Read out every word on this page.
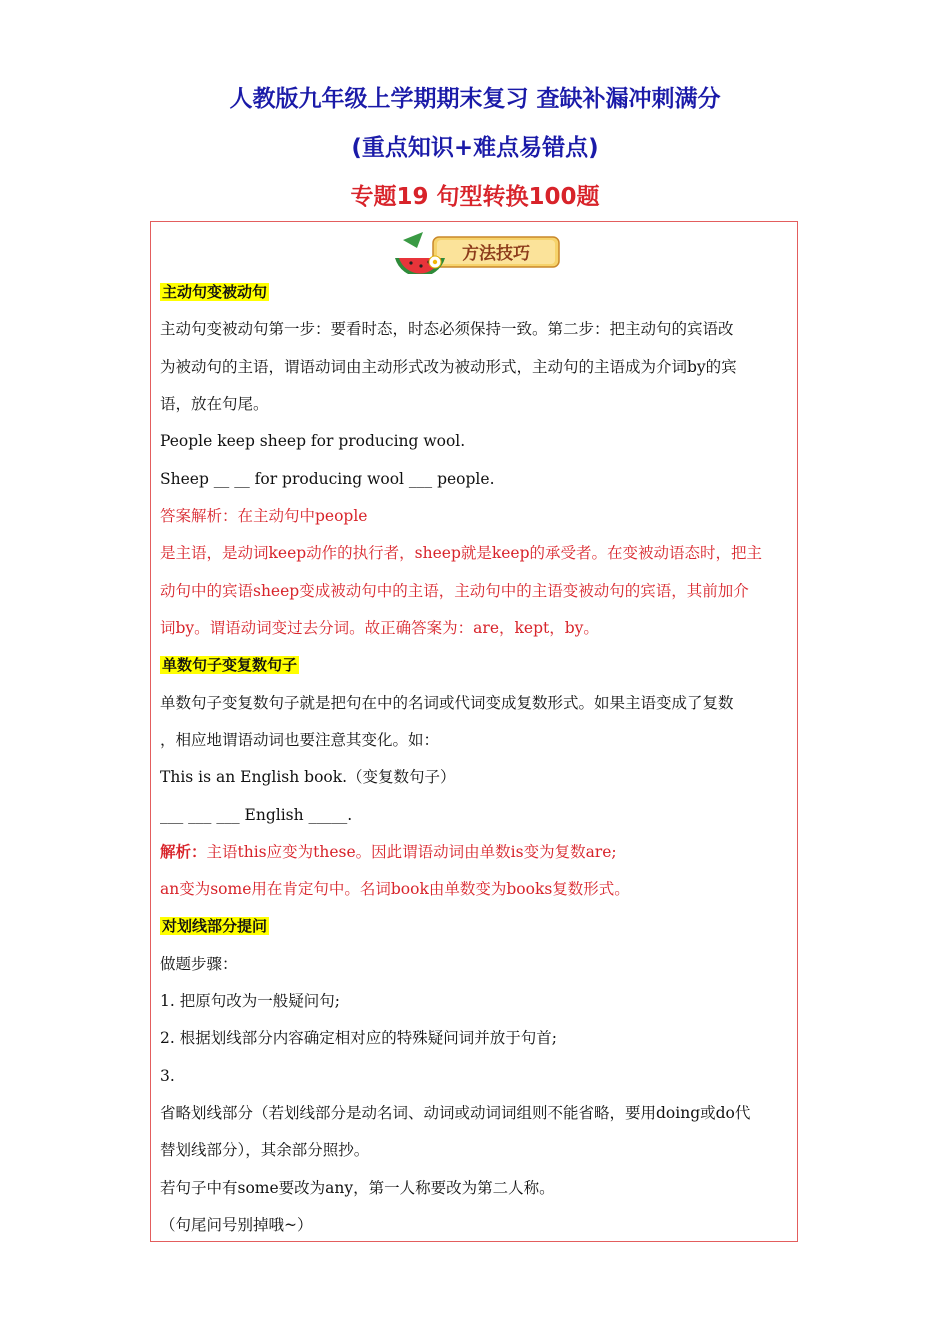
人教版九年级上学期期末复习 查缺补漏冲刺满分
(重点知识+难点易错点)
专题19 句型转换100题
方法技巧
主动句变被动句
主动句变被动句第一步：要看时态，时态必须保持一致。第二步：把主动句的宾语改
为被动句的主语，谓语动词由主动形式改为被动形式，主动句的主语成为介词by的宾
语，放在句尾。
People keep sheep for producing wool.
Sheep __ __ for producing wool ___ people.
答案解析：在主动句中people
是主语，是动词keep动作的执行者，sheep就是keep的承受者。在变被动语态时，把主
动句中的宾语sheep变成被动句中的主语，主动句中的主语变被动句的宾语，其前加介
词by。谓语动词变过去分词。故正确答案为：are，kept，by。
单数句子变复数句子
单数句子变复数句子就是把句在中的名词或代词变成复数形式。如果主语变成了复数
，相应地谓语动词也要注意其变化。如：
This is an English book.（变复数句子）
___ ___ ___ English _____.
解析：主语this应变为these。因此谓语动词由单数is变为复数are;
an变为some用在肯定句中。名词book由单数变为books复数形式。
对划线部分提问
做题步骤：
1. 把原句改为一般疑问句;
2. 根据划线部分内容确定相对应的特殊疑问词并放于句首;
3.
省略划线部分（若划线部分是动名词、动词或动词词组则不能省略，要用doing或do代
替划线部分），其余部分照抄。
若句子中有some要改为any，第一人称要改为第二人称。
（句尾问号别掉哦~）
